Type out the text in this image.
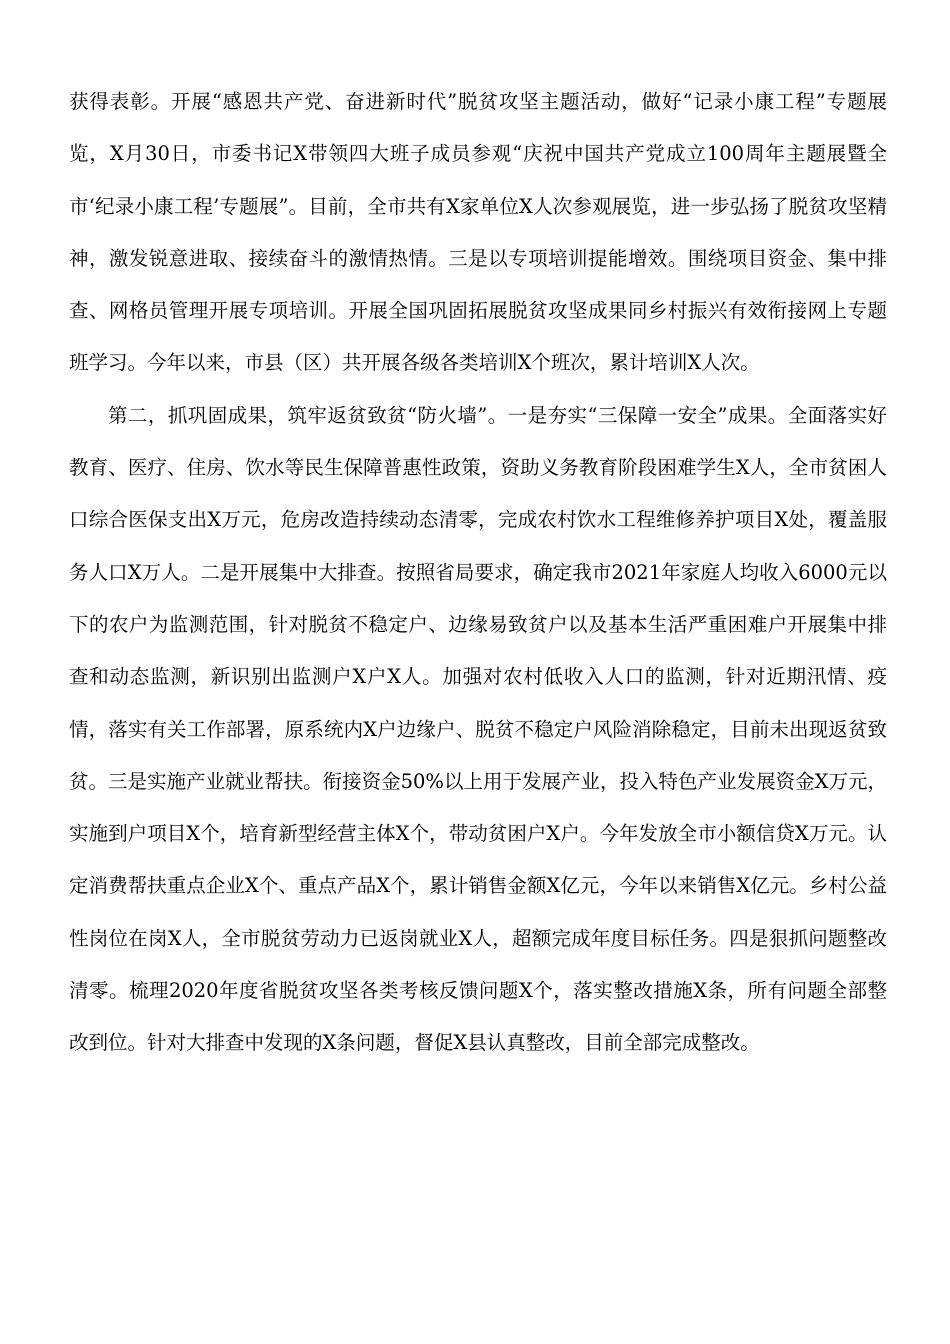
获得表彰。开展“感恩共产党、奋进新时代”脱贫攻坚主题活动，做好“记录小康工程”专题展览，X月30日，市委书记X带领四大班子成员参观“庆祝中国共产党成立100周年主题展暨全市‘纪录小康工程’专题展”。目前，全市共有X家单位X人次参观展览，进一步弘扬了脱贫攻坚精神，激发锐意进取、接续奋斗的激情热情。三是以专项培训提能增效。围绕项目资金、集中排查、网格员管理开展专项培训。开展全国巩固拓展脱贫攻坚成果同乡村振兴有效衔接网上专题班学习。今年以来，市县（区）共开展各级各类培训X个班次，累计培训X人次。

第二，抓巩固成果，筑牢返贫致贫“防火墙”。一是夯实“三保障一安全”成果。全面落实好教育、医疗、住房、饮水等民生保障普惠性政策，资助义务教育阶段困难学生X人，全市贫困人口综合医保支出X万元，危房改造持续动态清零，完成农村饮水工程维修养护项目X处，覆盖服务人口X万人。二是开展集中大排查。按照省局要求，确定我市2021年家庭人均收入6000元以下的农户为监测范围，针对脱贫不稳定户、边缘易致贫户以及基本生活严重困难户开展集中排查和动态监测，新识别出监测户X户X人。加强对农村低收入人口的监测，针对近期汛情、疫情，落实有关工作部署，原系统内X户边缘户、脱贫不稳定户风险消除稳定，目前未出现返贫致贫。三是实施产业就业帮扶。衔接资金50%以上用于发展产业，投入特色产业发展资金X万元，实施到户项目X个，培育新型经营主体X个，带动贫困户X户。今年发放全市小额信贷X万元。认定消费帮扶重点企业X个、重点产品X个，累计销售金额X亿元，今年以来销售X亿元。乡村公益性岗位在岗X人，全市脱贫劳动力已返岗就业X人，超额完成年度目标任务。四是狠抓问题整改清零。梳理2020年度省脱贫攻坚各类考核反馈问题X个，落实整改措施X条，所有问题全部整改到位。针对大排查中发现的X条问题，督促X县认真整改，目前全部完成整改。
